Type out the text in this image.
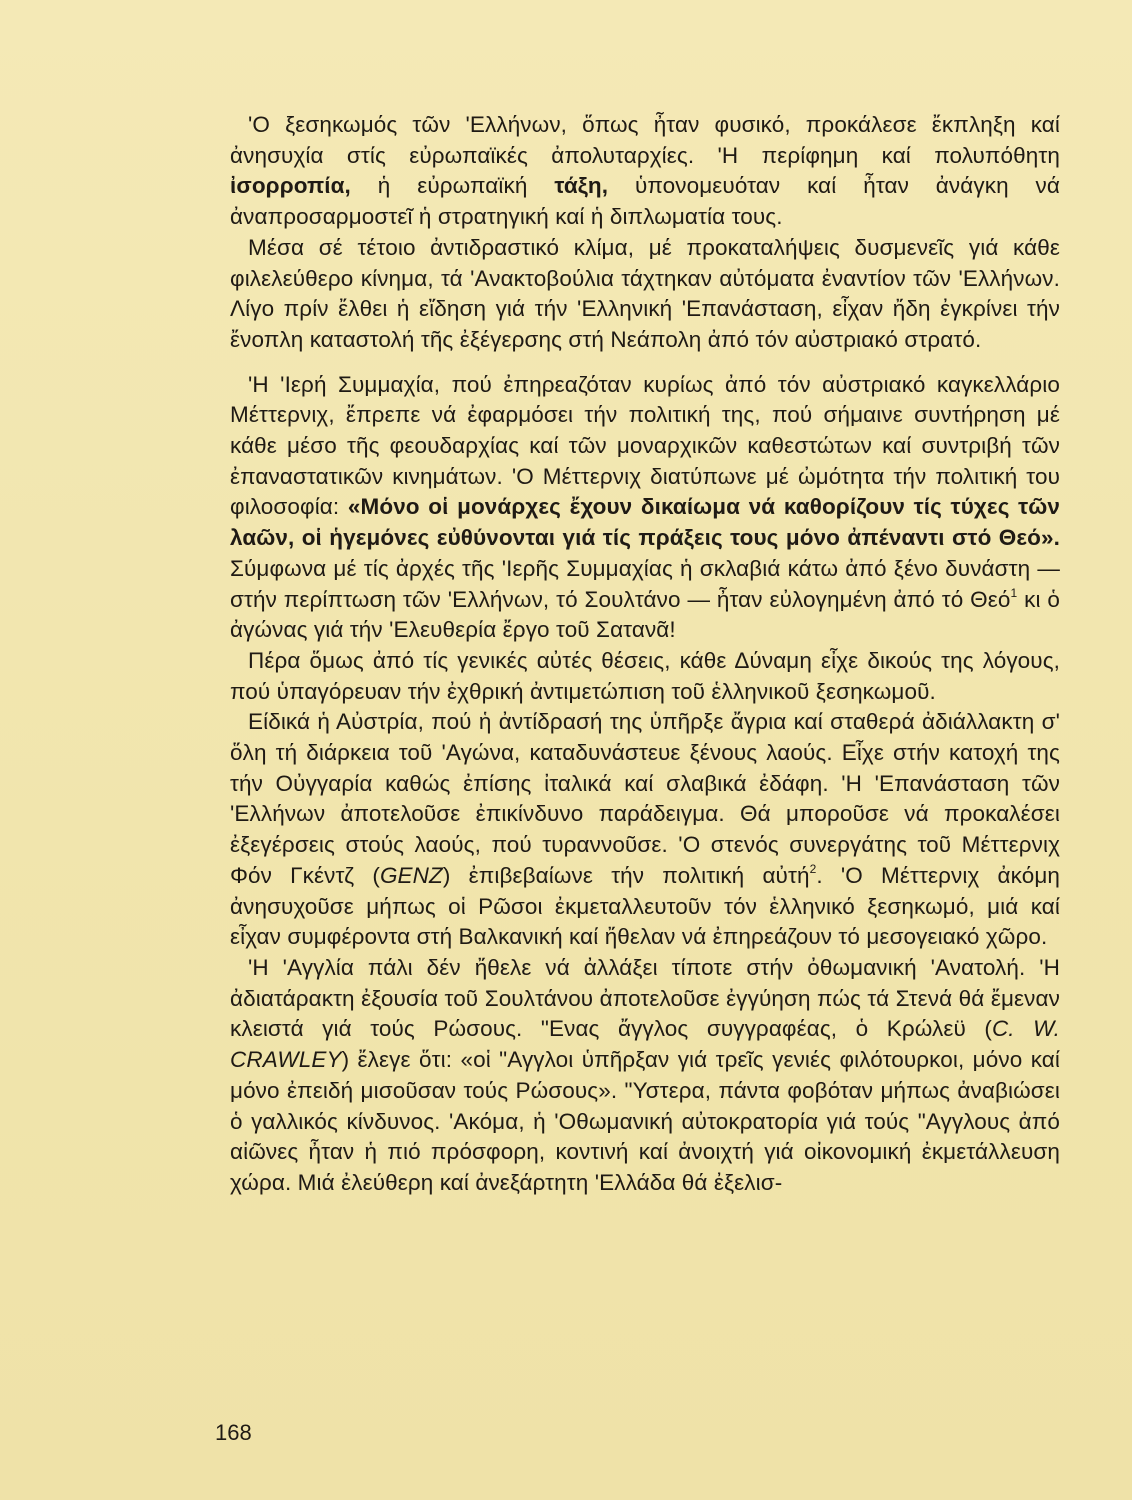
'Ο ξεσηκωμός τῶν 'Ελλήνων, ὅπως ἦταν φυσικό, προκάλεσε ἔκπληξη καί ἀνησυχία στίς εὐρωπαϊκές ἀπολυταρχίες. 'Η περίφημη καί πολυπόθητη ἰσορροπία, ἡ εὐρωπαϊκή τάξη, ὑπονομευόταν καί ἦταν ἀνάγκη νά ἀναπροσαρμοστεῖ ἡ στρατηγική καί ἡ διπλωματία τους.

Μέσα σέ τέτοιο ἀντιδραστικό κλίμα, μέ προκαταλήψεις δυσμενεῖς γιά κάθε φιλελεύθερο κίνημα, τά 'Ανακτοβούλια τάχτηκαν αὐτόματα ἐναντίον τῶν 'Ελλήνων. Λίγο πρίν ἔλθει ἡ εἴδηση γιά τήν 'Ελληνική 'Επανάσταση, εἶχαν ἤδη ἐγκρίνει τήν ἔνοπλη καταστολή τῆς ἐξέγερσης στή Νεάπολη ἀπό τόν αὐστριακό στρατό.

'Η 'Ιερή Συμμαχία, πού ἐπηρεαζόταν κυρίως ἀπό τόν αὐστριακό καγκελλάριο Μέττερνιχ, ἔπρεπε νά ἐφαρμόσει τήν πολιτική της, πού σήμαινε συντήρηση μέ κάθε μέσο τῆς φεουδαρχίας καί τῶν μοναρχικῶν καθεστώτων καί συντριβή τῶν ἐπαναστατικῶν κινημάτων. 'Ο Μέττερνιχ διατύπωνε μέ ὠμότητα τήν πολιτική του φιλοσοφία: «Μόνο οἱ μονάρχες ἔχουν δικαίωμα νά καθορίζουν τίς τύχες τῶν λαῶν, οἱ ἡγεμόνες εὐθύνονται γιά τίς πράξεις τους μόνο ἀπέναντι στό Θεό». Σύμφωνα μέ τίς ἀρχές τῆς 'Ιερῆς Συμμαχίας ἡ σκλαβιά κάτω ἀπό ξένο δυνάστη — στήν περίπτωση τῶν 'Ελλήνων, τό Σουλτάνο — ἦταν εὐλογημένη ἀπό τό Θεό$^1$ κι ὁ ἀγώνας γιά τήν 'Ελευθερία ἔργο τοῦ Σατανᾶ!

Πέρα ὅμως ἀπό τίς γενικές αὐτές θέσεις, κάθε Δύναμη εἶχε δικούς της λόγους, πού ὑπαγόρευαν τήν ἐχθρική ἀντιμετώπιση τοῦ ἑλληνικοῦ ξεσηκωμοῦ.

Είδικά ἡ Αὐστρία, πού ἡ ἀντίδρασή της ὑπῆρξε ἄγρια καί σταθερά ἀδιάλλακτη σ' ὅλη τή διάρκεια τοῦ 'Αγώνα, καταδυνάστευε ξένους λαούς. Εἶχε στήν κατοχή της τήν Οὐγγαρία καθώς ἐπίσης ἰταλικά καί σλαβικά ἐδάφη. 'Η 'Επανάσταση τῶν 'Ελλήνων ἀποτελοῦσε ἐπικίνδυνο παράδειγμα. Θά μποροῦσε νά προκαλέσει ἐξεγέρσεις στούς λαούς, πού τυραννοῦσε. 'Ο στενός συνεργάτης τοῦ Μέττερνιχ Φόν Γκέντζ (GENZ) ἐπιβεβαίωνε τήν πολιτική αὐτή$^2$. 'Ο Μέττερνιχ ἀκόμη ἀνησυχοῦσε μήπως οἱ Ρῶσοι ἐκμεταλλευτοῦν τόν ἑλληνικό ξεσηκωμό, μιά καί εἶχαν συμφέροντα στή Βαλκανική καί ἤθελαν νά ἐπηρεάζουν τό μεσογειακό χῶρο.

'Η 'Αγγλία πάλι δέν ἤθελε νά ἀλλάξει τίποτε στήν ὀθωμανική 'Ανατολή. 'Η ἀδιατάρακτη ἐξουσία τοῦ Σουλτάνου ἀποτελοῦσε ἐγγύηση πώς τά Στενά θά ἔμεναν κλειστά γιά τούς Ρώσους. "Ενας ἄγγλος συγγραφέας, ὁ Κρώλεϋ (C. W. CRAWLEY) ἔλεγε ὅτι: «οἱ "Αγγλοι ὑπῆρξαν γιά τρεῖς γενιές φιλότουρκοι, μόνο καί μόνο ἐπειδή μισοῦσαν τούς Ρώσους». "Υστερα, πάντα φοβόταν μήπως ἀναβιώσει ὁ γαλλικός κίνδυνος. 'Ακόμα, ἡ 'Οθωμανική αὐτοκρατορία γιά τούς "Αγγλους ἀπό αἰῶνες ἦταν ἡ πιό πρόσφορη, κοντινή καί ἀνοιχτή γιά οἰκονομική ἐκμετάλλευση χώρα. Μιά ἐλεύθερη καί ἀνεξάρτητη 'Ελλάδα θά ἐξελισ-

168
